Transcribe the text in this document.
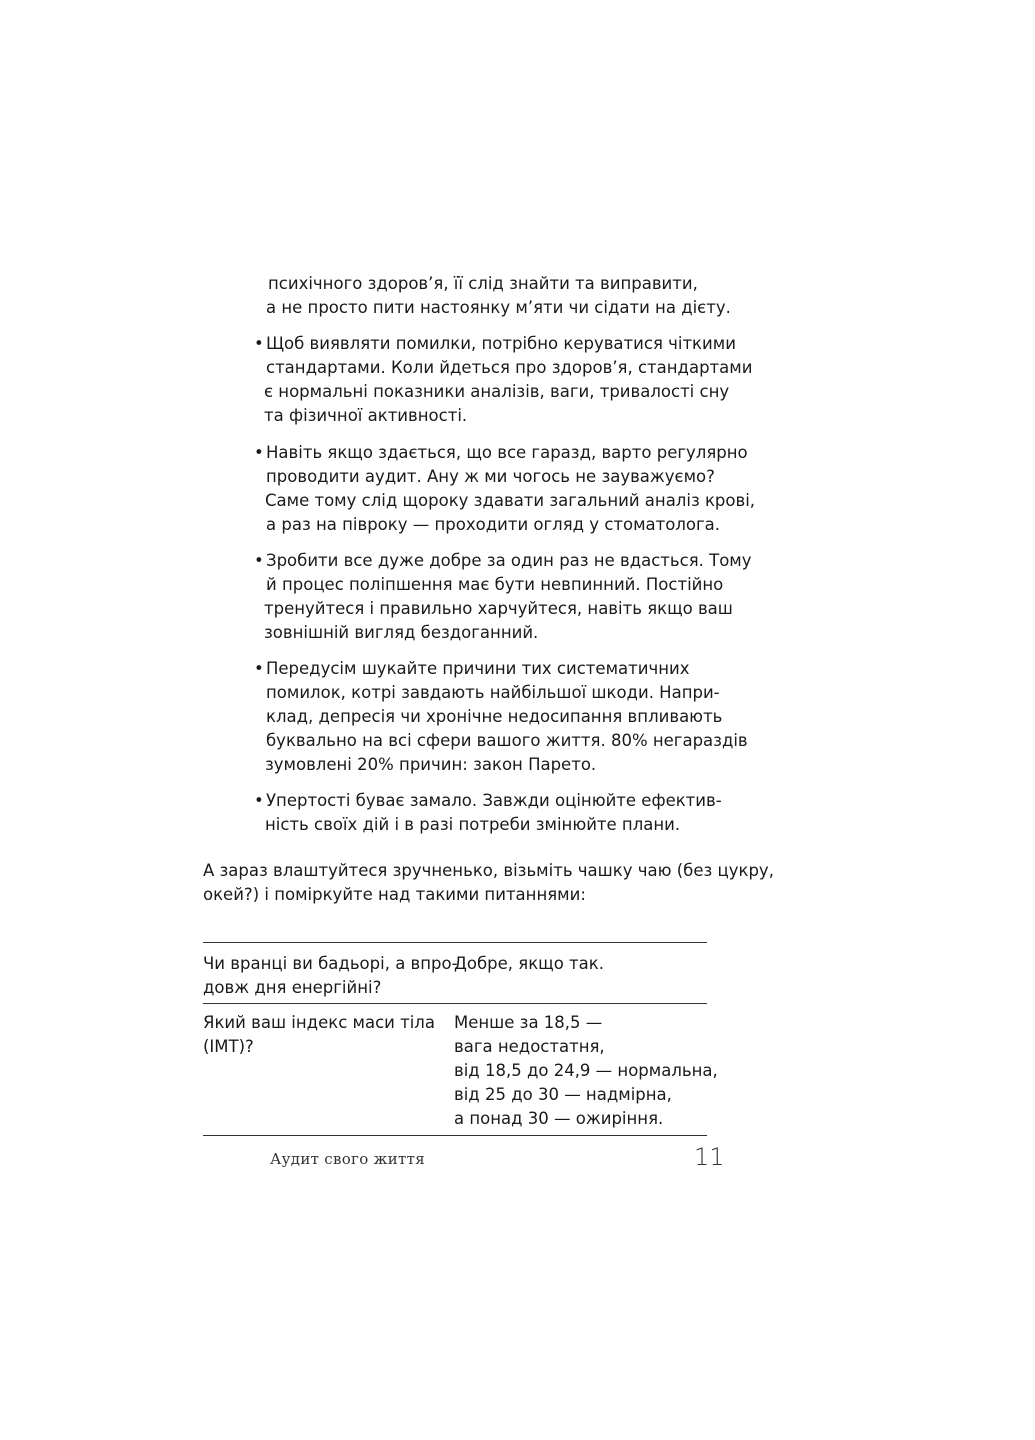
психічного здоров’я, її слід знайти та виправити,
а не просто пити настоянку м’яти чи сідати на дієту.
• Щоб виявляти помилки, потрібно керуватися чіткими
стандартами. Коли йдеться про здоров’я, стандартами
є нормальні показники аналізів, ваги, тривалості сну
та фізичної активності.
• Навіть якщо здається, що все гаразд, варто регулярно
проводити аудит. Ану ж ми чогось не зауважуємо?
Саме тому слід щороку здавати загальний аналіз крові,
а раз на півроку — проходити огляд у стоматолога.
• Зробити все дуже добре за один раз не вдасться. Тому
й процес поліпшення має бути невпинний. Постійно
тренуйтеся і правильно харчуйтеся, навіть якщо ваш
зовнішній вигляд бездоганний.
• Передусім шукайте причини тих систематичних
помилок, котрі завдають найбільшої шкоди. Напри-
клад, депресія чи хронічне недосипання впливають
буквально на всі сфери вашого життя. 80% негараздів
зумовлені 20% причин: закон Парето.
• Упертості буває замало. Завжди оцінюйте ефектив-
ність своїх дій і в разі потреби змінюйте плани.
А зараз влаштуйтеся зручненько, візьміть чашку чаю (без цукру,
окей?) і поміркуйте над такими питаннями:
Чи вранці ви бадьорі, а впро-
довж дня енергійні?
Добре, якщо так.
Який ваш індекс маси тіла
(ІМТ)?
Менше за 18,5 —
вага недостатня,
від 18,5 до 24,9 — нормальна,
від 25 до 30 — надмірна,
а понад 30 — ожиріння.
Аудит свого життя	11
